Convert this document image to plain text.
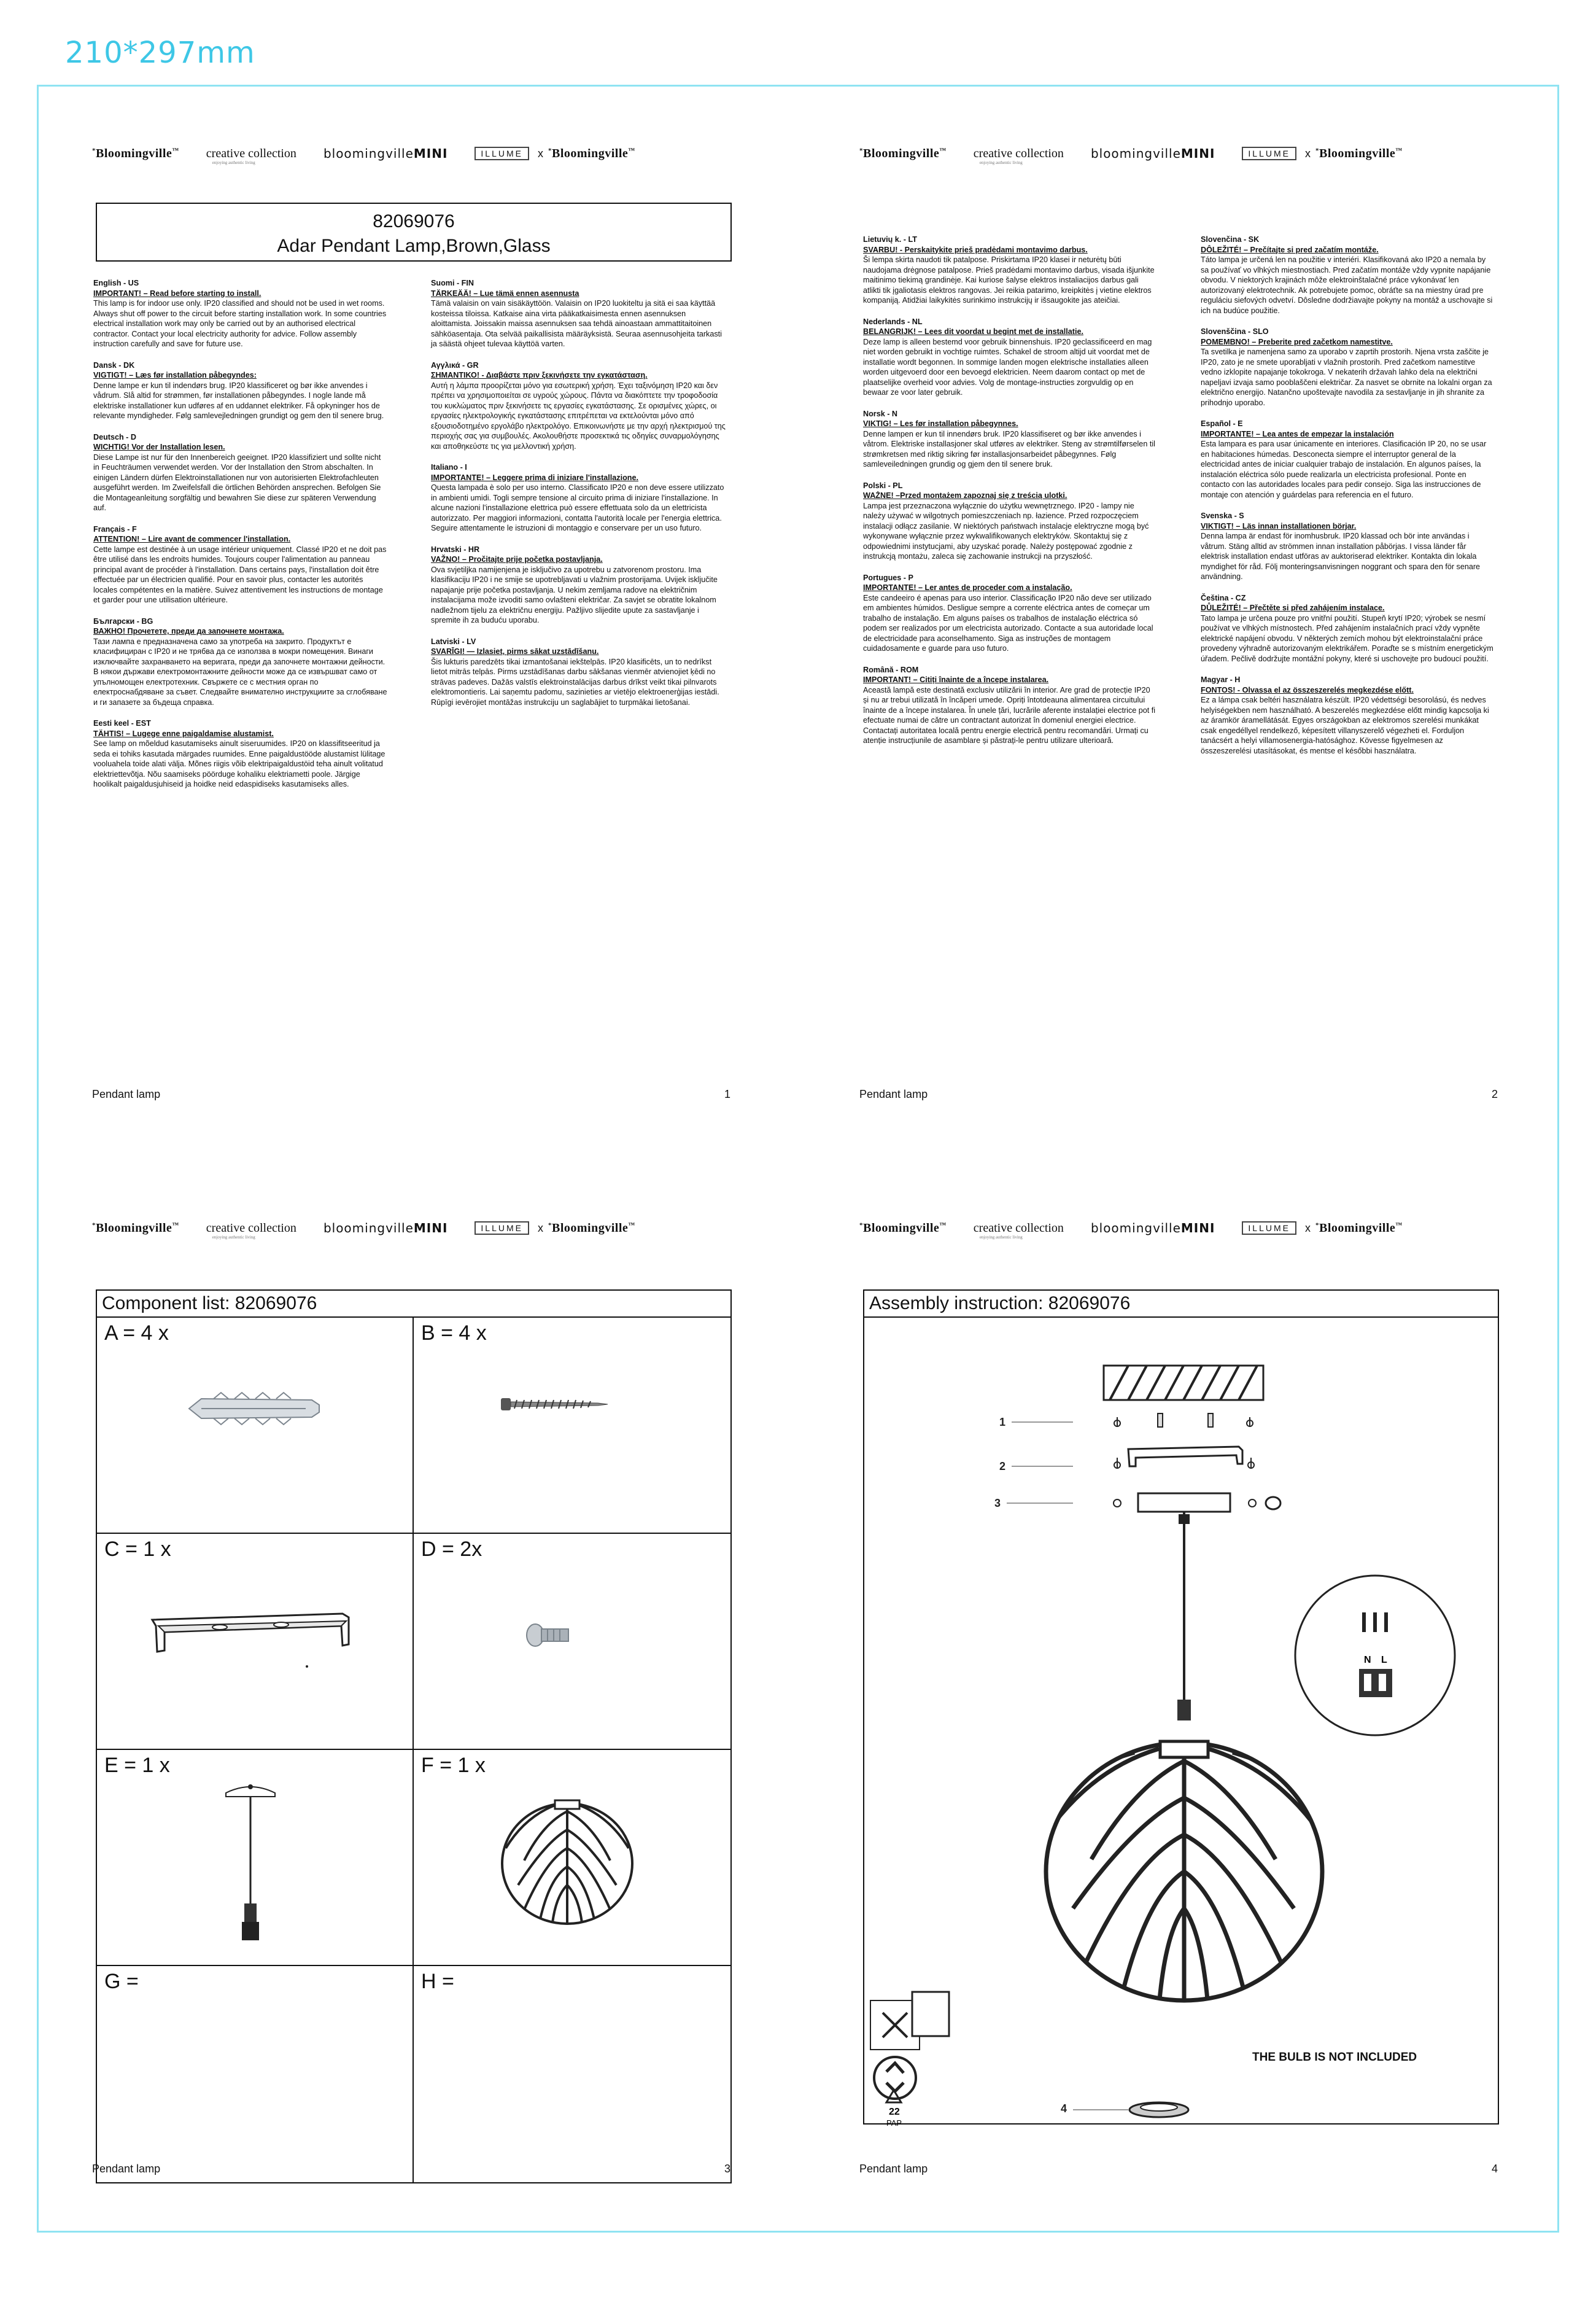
210*297mm
*Bloomingville™ creative collection
enjoying authentic living
bloomingvilleMINI	ILLUME	x *Bloomingville™
82069076
Adar Pendant Lamp,Brown,Glass
English - US
IMPORTANT! – Read before starting to install.
This lamp is for indoor use only. IP20 classified and should not be used in wet rooms. Always shut off power to the circuit before starting installation work. In some countries electrical installation work may only be carried out by an authorised electrical contractor. Contact your local electricity authority for advice. Follow assembly instruction carefully and save for future use.
Dansk - DK
VIGTIGT! – Læs før installation påbegyndes:
Denne lampe er kun til indendørs brug. IP20 klassificeret og bør ikke anvendes i vådrum. Slå altid for strømmen, før installationen påbegyndes. I nogle lande må elektriske installationer kun udføres af en uddannet elektriker. Få opkyninger hos de relevante myndigheder. Følg samlevejledningen grundigt og gem den til senere brug.
Deutsch - D
WICHTIG! Vor der Installation lesen.
Diese Lampe ist nur für den Innenbereich geeignet. IP20 klassifiziert und sollte nicht in Feuchträumen verwendet werden. Vor der Installation den Strom abschalten. In einigen Ländern dürfen Elektroinstallationen nur von autorisierten Elektrofachleuten ausgeführt werden. Im Zweifelsfall die örtlichen Behörden ansprechen. Befolgen Sie die Montageanleitung sorgfältig und bewahren Sie diese zur späteren Verwendung auf.
Français - F
ATTENTION! – Lire avant de commencer l'installation.
Cette lampe est destinée à un usage intérieur uniquement. Classé IP20 et ne doit pas être utilisé dans les endroits humides. Toujours couper l'alimentation au panneau principal avant de procéder à l'installation. Dans certains pays, l'installation doit être effectuée par un électricien qualifié. Pour en savoir plus, contacter les autorités locales compétentes en la matière. Suivez attentivement les instructions de montage et garder pour une utilisation ultérieure.
Български - BG
ВАЖНО! Прочетете, преди да започнете монтажа.
Тази лампа е предназначена само за употреба на закрито. Продуктът е класифициран с IP20 и не трябва да се използва в мокри помещения. Винаги изключвайте захранването на веригата, преди да започнете монтажни дейности. В някои държави електромонтажните дейности може да се извършват само от упълномощен електротехник. Свържете се с местния орган по електроснабдяване за съвет. Следвайте внимателно инструкциите за сглобяване и ги запазете за бъдеща справка.
Eesti keel - EST
TÄHTIS! – Lugege enne paigaldamise alustamist.
See lamp on mõeldud kasutamiseks ainult siseruumides. IP20 on klassifitseeritud ja seda ei tohiks kasutada märgades ruumides. Enne paigaldustööde alustamist lülitage vooluahela toide alati välja. Mõnes riigis võib elektripaigaldustöid teha ainult volitatud elektriettevõtja. Nõu saamiseks pöörduge kohaliku elektriametti poole. Järgige hoolikalt paigaldusjuhiseid ja hoidke neid edaspidiseks kasutamiseks alles.
Suomi - FIN
TÄRKEÄÄ! – Lue tämä ennen asennusta
Tämä valaisin on vain sisäkäyttöön. Valaisin on IP20 luokiteltu ja sitä ei saa käyttää kosteissa tiloissa. Katkaise aina virta pääkatkaisimesta ennen asennuksen aloittamista. Joissakin maissa asennuksen saa tehdä ainoastaan ammattitaitoinen sähköasentaja. Ota selvää paikallisista määräyksistä. Seuraa asennusohjeita tarkasti ja säästä ohjeet tulevaa käyttöä varten.
Αγγλικά - GR
ΣΗΜΑΝΤΙΚΟ! - Διαβάστε πριν ξεκινήσετε την εγκατάσταση.
Αυτή η λάμπα προορίζεται μόνο για εσωτερική χρήση. Έχει ταξινόμηση IP20 και δεν πρέπει να χρησιμοποιείται σε υγρούς χώρους. Πάντα να διακόπτετε την τροφοδοσία του κυκλώματος πριν ξεκινήσετε τις εργασίες εγκατάστασης. Σε ορισμένες χώρες, οι εργασίες ηλεκτρολογικής εγκατάστασης επιτρέπεται να εκτελούνται μόνο από εξουσιοδοτημένο εργολάβο ηλεκτρολόγο. Επικοινωνήστε με την αρχή ηλεκτρισμού της περιοχής σας για συμβουλές. Ακολουθήστε προσεκτικά τις οδηγίες συναρμολόγησης και αποθηκεύστε τις για μελλοντική χρήση.
Italiano - I
IMPORTANTE! – Leggere prima di iniziare l'installazione.
Questa lampada è solo per uso interno. Classificato IP20 e non deve essere utilizzato in ambienti umidi. Togli sempre tensione al circuito prima di iniziare l'installazione. In alcune nazioni l'installazione elettrica può essere effettuata solo da un elettricista autorizzato. Per maggiori informazioni, contatta l'autorità locale per l'energia elettrica. Seguire attentamente le istruzioni di montaggio e conservare per un uso futuro.
Hrvatski - HR
VAŽNO! – Pročitajte prije početka postavljanja.
Ova svjetiljka namijenjena je isključivo za upotrebu u zatvorenom prostoru. Ima klasifikaciju IP20 i ne smije se upotrebljavati u vlažnim prostorijama. Uvijek isključite napajanje prije početka postavljanja. U nekim zemljama radove na električnim instalacijama može izvoditi samo ovlašteni električar. Za savjet se obratite lokalnom nadležnom tijelu za električnu energiju. Pažljivo slijedite upute za sastavljanje i spremite ih za buduću uporabu.
Latviski - LV
SVARĪGI! — Izlasiet, pirms sākat uzstādīšanu.
Šis lukturis paredzēts tikai izmantošanai iekštelpās. IP20 klasificēts, un to nedrīkst lietot mitrās telpās. Pirms uzstādīšanas darbu sākšanas vienmēr atvienojiet ķēdi no strāvas padeves. Dažās valstīs elektroinstalācijas darbus drīkst veikt tikai pilnvarots elektromontieris. Lai saņemtu padomu, sazinieties ar vietējo elektroenerģijas iestādi. Rūpīgi ievērojiet montāžas instrukciju un saglabājiet to turpmākai lietošanai.
Pendant lamp	1
*Bloomingville™ creative collection
enjoying authentic living
bloomingvilleMINI	ILLUME	x *Bloomingville™
Lietuvių k. - LT
SVARBU! - Perskaitykite prieš pradėdami montavimo darbus.
Ši lempa skirta naudoti tik patalpose. Priskirtama IP20 klasei ir neturėtų būti naudojama drėgnose patalpose. Prieš pradėdami montavimo darbus, visada išjunkite maitinimo tiekimą grandinėje. Kai kuriose šalyse elektros instaliacijos darbus gali atlikti tik įgaliotasis elektros rangovas. Jei reikia patarimo, kreipkitės į vietine elektros kompaniją. Atidžiai laikykitės surinkimo instrukcijų ir išsaugokite jas ateičiai.
Nederlands - NL
BELANGRIJK! – Lees dit voordat u begint met de installatie.
Deze lamp is alleen bestemd voor gebruik binnenshuis. IP20 geclassificeerd en mag niet worden gebruikt in vochtige ruimtes. Schakel de stroom altijd uit voordat met de installatie wordt begonnen. In sommige landen mogen elektrische installaties alleen worden uitgevoerd door een bevoegd elektricien. Neem daarom contact op met de plaatselijke overheid voor advies. Volg de montage-instructies zorgvuldig op en bewaar ze voor later gebruik.
Norsk - N
VIKTIG! – Les før installation påbegynnes.
Denne lampen er kun til innendørs bruk. IP20 klassifiseret og bør ikke anvendes i våtrom. Elektriske installasjoner skal utføres av elektriker. Steng av strømtilførselen til strømkretsen med riktig sikring før installasjonsarbeidet påbegynnes. Følg samleveiledningen grundig og gjem den til senere bruk.
Polski - PL
WAŻNE! –Przed montażem zapoznaj się z treścią ulotki.
Lampa jest przeznaczona wyłącznie do użytku wewnętrznego. IP20 - lampy nie należy używać w wilgotnych pomieszczeniach np. łazience. Przed rozpoczęciem instalacji odłącz zasilanie. W niektórych państwach instalacje elektryczne mogą być wykonywane wyłącznie przez wykwalifikowanych elektryków. Skontaktuj się z odpowiednimi instytucjami, aby uzyskać poradę. Należy postępować zgodnie z instrukcją montażu, zaleca się zachowanie instrukcji na przyszłość.
Portugues - P
IMPORTANTE! – Ler antes de proceder com a instalação.
Este candeeiro é apenas para uso interior. Classificação IP20 não deve ser utilizado em ambientes húmidos. Desligue sempre a corrente eléctrica antes de começar um trabalho de instalação. Em alguns países os trabalhos de instalação eléctrica só podem ser realizados por um electricista autorizado. Contacte a sua autoridade local de electricidade para aconselhamento. Siga as instruções de montagem cuidadosamente e guarde para uso futuro.
Română - ROM
IMPORTANT! – Citiți înainte de a începe instalarea.
Această lampă este destinată exclusiv utilizării în interior. Are grad de protecție IP20 și nu ar trebui utilizată în încăperi umede. Opriți întotdeauna alimentarea circuitului înainte de a începe instalarea. În unele țări, lucrările aferente instalației electrice pot fi efectuate numai de către un contractant autorizat în domeniul energiei electrice. Contactați autoritatea locală pentru energie electrică pentru recomandări. Urmați cu atenție instrucțiunile de asamblare și păstrați-le pentru utilizare ulterioară.
Slovenčina - SK
DÔLEŽITÉ! – Prečítajte si pred začatím montáže.
Táto lampa je určená len na použitie v interiéri. Klasifikovaná ako IP20 a nemala by sa používať vo vlhkých miestnostiach. Pred začatím montáže vždy vypnite napájanie obvodu. V niektorých krajinách môže elektroinštalačné práce vykonávať len autorizovaný elektrotechnik. Ak potrebujete pomoc, obráťte sa na miestny úrad pre reguláciu siefových odvetví. Dôsledne dodržiavajte pokyny na montáž a uschovajte si ich na budúce použitie.
Slovenščina - SLO
POMEMBNO! – Preberite pred začetkom namestitve.
Ta svetilka je namenjena samo za uporabo v zaprtih prostorih. Njena vrsta zaščite je IP20, zato je ne smete uporabljati v vlažnih prostorih. Pred začetkom namestitve vedno izklopite napajanje tokokroga. V nekaterih državah lahko dela na električni napeljavi izvaja samo pooblaščeni električar. Za nasvet se obrnite na lokalni organ za električno energijo. Natančno upoštevajte navodila za sestavljanje in jih shranite za prihodnjo uporabo.
Español - E
IMPORTANTE! – Lea antes de empezar la instalación
Esta lampara es para usar únicamente en interiores. Clasificación IP 20, no se usar en habitaciones húmedas. Desconecta siempre el interruptor general de la electricidad antes de iniciar cualquier trabajo de instalación. En algunos países, la instalación eléctrica sólo puede realizarla un electricista profesional. Ponte en contacto con las autoridades locales para pedir consejo. Siga las instrucciones de montaje con atención y guárdelas para referencia en el futuro.
Svenska - S
VIKTIGT! – Läs innan installationen börjar.
Denna lampa är endast för inomhusbruk. IP20 klassad och bör inte användas i våtrum. Stäng alltid av strömmen innan installation påbörjas. I vissa länder får elektrisk installation endast utföras av auktoriserad elektriker. Kontakta din lokala myndighet för råd. Följ monteringsanvisningen noggrant och spara den för senare användning.
Čeština - CZ
DŮLEŽITÉ! – Přečtěte si před zahájením instalace.
Tato lampa je určena pouze pro vnitřní použití. Stupeň krytí IP20; výrobek se nesmí používat ve vlhkých místnostech. Před zahájením instalačních prací vždy vypněte elektrické napájení obvodu. V některých zemích mohou být elektroinstalační práce provedeny výhradně autorizovaným elektrikářem. Poraďte se s místním energetickým úřadem. Pečlivě dodržujte montážní pokyny, které si uschovejte pro budoucí použití.
Magyar - H
FONTOS! - Olvassa el az összeszerelés megkezdése előtt.
Ez a lámpa csak beltéri használatra készült. IP20 védettségi besorolású, és nedves helyiségekben nem használható. A beszerelés megkezdése előtt mindig kapcsolja ki az áramkör áramellátását. Egyes országokban az elektromos szerelési munkákat csak engedéllyel rendelkező, képesített villanyszerelő végezheti el. Forduljon tanácsért a helyi villamosenergia-hatósághoz. Kövesse figyelmesen az összeszerelési utasításokat, és mentse el későbbi használatra.
Pendant lamp	2
*Bloomingville™ creative collection
enjoying authentic living
bloomingvilleMINI	ILLUME	x *Bloomingville™
Component list: 82069076
A = 4 x	B = 4 x
C = 1 x	D = 2x
E = 1 x	F = 1 x
G =	H =
Pendant lamp	3
*Bloomingville™ creative collection
enjoying authentic living
bloomingvilleMINI	ILLUME	x *Bloomingville™
Assembly instruction: 82069076
1
2
3
4
N L
22
PAP
THE BULB IS NOT INCLUDED
Pendant lamp	4
